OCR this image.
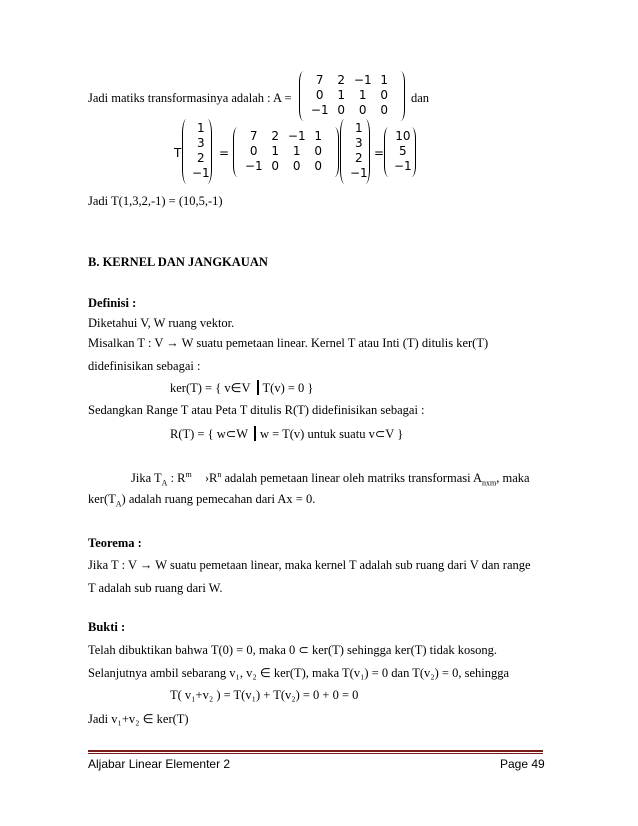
Jadi matiks transformasinya adalah : A =
7	2 −1 1
0	1	1	0
−1 0	0	0
dan
T
1
3
2
−1
=
7	2 −1 1
0	1	1	0
−1 0	0	0
1
3
2
−1
=
10
5
−1
Jadi T(1,3,2,-1) = (10,5,-1)
B. KERNEL DAN JANGKAUAN
Definisi :
Diketahui V, W ruang vektor.
Misalkan T : V → W suatu pemetaan linear. Kernel T atau Inti (T) ditulis ker(T)
didefinisikan sebagai :
ker(T) = { v∈V T(v) = 0 }
Sedangkan Range T atau Peta T ditulis R(T) didefinisikan sebagai :
R(T) = { w⊂W w = T(v) untuk suatu v⊂V }
Jika $T_A$ : $R^m$ $›R^n$ adalah pemetaan linear oleh matriks transformasi $A_{nxm}$, maka
$ker(T_A)$ adalah ruang pemecahan dari Ax = 0.
Teorema :
Jika T : V → W suatu pemetaan linear, maka kernel T adalah sub ruang dari V dan range
T adalah sub ruang dari W.
Bukti :
Telah dibuktikan bahwa T(0) = 0, maka 0 ⊂ ker(T) sehingga ker(T) tidak kosong.
Selanjutnya ambil sebarang v₁, v₂ ∈ ker(T), maka T(v₁) = 0 dan T(v₂) = 0, sehingga
T( v₁+v₂ ) = T(v₁) + T(v₂) = 0 + 0 = 0
Jadi v₁+v₂ ∈ ker(T)
Aljabar Linear Elementer 2	Page 49
